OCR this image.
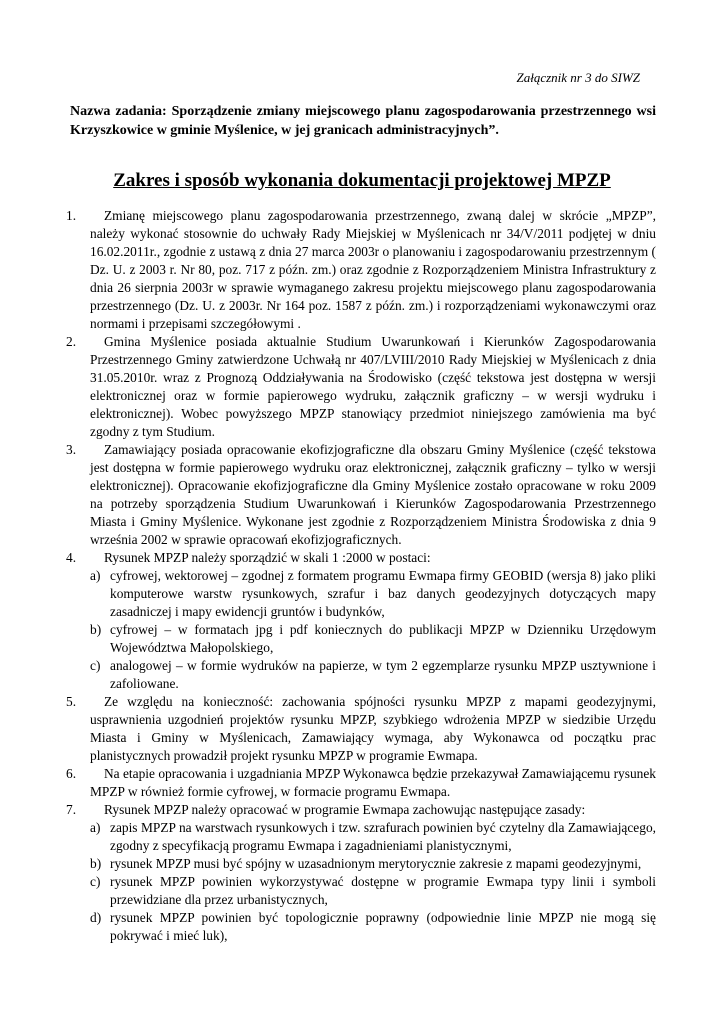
Załącznik nr 3 do SIWZ
Nazwa zadania: Sporządzenie zmiany miejscowego planu zagospodarowania przestrzennego wsi Krzyszkowice w gminie Myślenice, w jej granicach administracyjnych”.
Zakres i sposób wykonania dokumentacji projektowej MPZP
1. Zmianę miejscowego planu zagospodarowania przestrzennego, zwaną dalej w skrócie „MPZP”, należy wykonać stosownie do uchwały Rady Miejskiej w Myślenicach nr 34/V/2011 podjętej w dniu 16.02.2011r., zgodnie z ustawą z dnia 27 marca 2003r o planowaniu i zagospodarowaniu przestrzennym ( Dz. U. z 2003 r. Nr 80, poz. 717 z późn. zm.) oraz zgodnie z Rozporządzeniem Ministra Infrastruktury z dnia 26 sierpnia 2003r w sprawie wymaganego zakresu projektu miejscowego planu zagospodarowania przestrzennego (Dz. U. z 2003r. Nr 164 poz. 1587 z późn. zm.) i rozporządzeniami wykonawczymi oraz normami i przepisami szczegółowymi .
2. Gmina Myślenice posiada aktualnie Studium Uwarunkowań i Kierunków Zagospodarowania Przestrzennego Gminy zatwierdzone Uchwałą nr 407/LVIII/2010 Rady Miejskiej w Myślenicach z dnia 31.05.2010r. wraz z Prognozą Oddziaływania na Środowisko (część tekstowa jest dostępna w wersji elektronicznej oraz w formie papierowego wydruku, załącznik graficzny – w wersji wydruku i elektronicznej). Wobec powyższego MPZP stanowiący przedmiot niniejszego zamówienia ma być zgodny z tym Studium.
3. Zamawiający posiada opracowanie ekofizjograficzne dla obszaru Gminy Myślenice (część tekstowa jest dostępna w formie papierowego wydruku oraz elektronicznej, załącznik graficzny – tylko w wersji elektronicznej). Opracowanie ekofizjograficzne dla Gminy Myślenice zostało opracowane w roku 2009 na potrzeby sporządzenia Studium Uwarunkowań i Kierunków Zagospodarowania Przestrzennego Miasta i Gminy Myślenice. Wykonane jest zgodnie z Rozporządzeniem Ministra Środowiska z dnia 9 września 2002 w sprawie opracowań ekofizjograficznych.
4. Rysunek MPZP należy sporządzić w skali 1 :2000 w postaci:
a) cyfrowej, wektorowej – zgodnej z formatem programu Ewmapa firmy GEOBID (wersja 8) jako pliki komputerowe warstw rysunkowych, szrafur i baz danych geodezyjnych dotyczących mapy zasadniczej i mapy ewidencji gruntów i budynków,
b) cyfrowej – w formatach jpg i pdf koniecznych do publikacji MPZP w Dzienniku Urzędowym Województwa Małopolskiego,
c) analogowej – w formie wydruków na papierze, w tym 2 egzemplarze rysunku MPZP usztywnione i zafoliowane.
5. Ze względu na konieczność: zachowania spójności rysunku MPZP z mapami geodezyjnymi, usprawnienia uzgodnień projektów rysunku MPZP, szybkiego wdrożenia MPZP w siedzibie Urzędu Miasta i Gminy w Myślenicach, Zamawiający wymaga, aby Wykonawca od początku prac planistycznych prowadził projekt rysunku MPZP w programie Ewmapa.
6. Na etapie opracowania i uzgadniania MPZP Wykonawca będzie przekazywał Zamawiającemu rysunek MPZP w również formie cyfrowej, w formacie programu Ewmapa.
7. Rysunek MPZP należy opracować w programie Ewmapa zachowując następujące zasady:
a) zapis MPZP na warstwach rysunkowych i tzw. szrafurach powinien być czytelny dla Zamawiającego, zgodny z specyfikacją programu Ewmapa i zagadnieniami planistycznymi,
b) rysunek MPZP musi być spójny w uzasadnionym merytorycznie zakresie z mapami geodezyjnymi,
c) rysunek MPZP powinien wykorzystywać dostępne w programie Ewmapa typy linii i symboli przewidziane dla przez urbanistycznych,
d) rysunek MPZP powinien być topologicznie poprawny (odpowiednie linie MPZP nie mogą się pokrywać i mieć luk),
